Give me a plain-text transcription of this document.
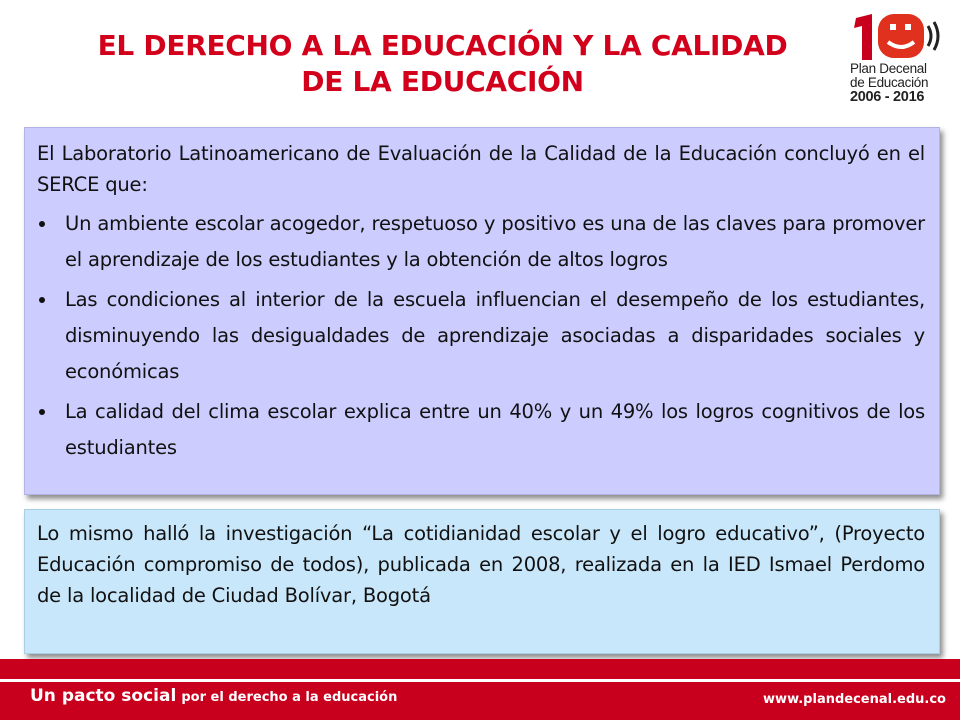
EL DERECHO A LA EDUCACIÓN Y LA CALIDAD
DE LA EDUCACIÓN	Plan Decenal
de Educación
2006 - 2016

El Laboratorio Latinoamericano de Evaluación de la Calidad de la Educación concluyó en el SERCE que:

Un ambiente escolar acogedor, respetuoso y positivo es una de las claves para promover el aprendizaje de los estudiantes y la obtención de altos logros
Las condiciones al interior de la escuela influencian el desempeño de los estudiantes, disminuyendo las desigualdades de aprendizaje asociadas a disparidades sociales y económicas
La calidad del clima escolar explica entre un 40% y un 49% los logros cognitivos de los estudiantes

Lo mismo halló la investigación “La cotidianidad escolar y el logro educativo”, (Proyecto Educación compromiso de todos), publicada en 2008, realizada en la IED Ismael Perdomo de la localidad de Ciudad Bolívar, Bogotá

Un pacto social por el derecho a la educación	www.plandecenal.edu.co
